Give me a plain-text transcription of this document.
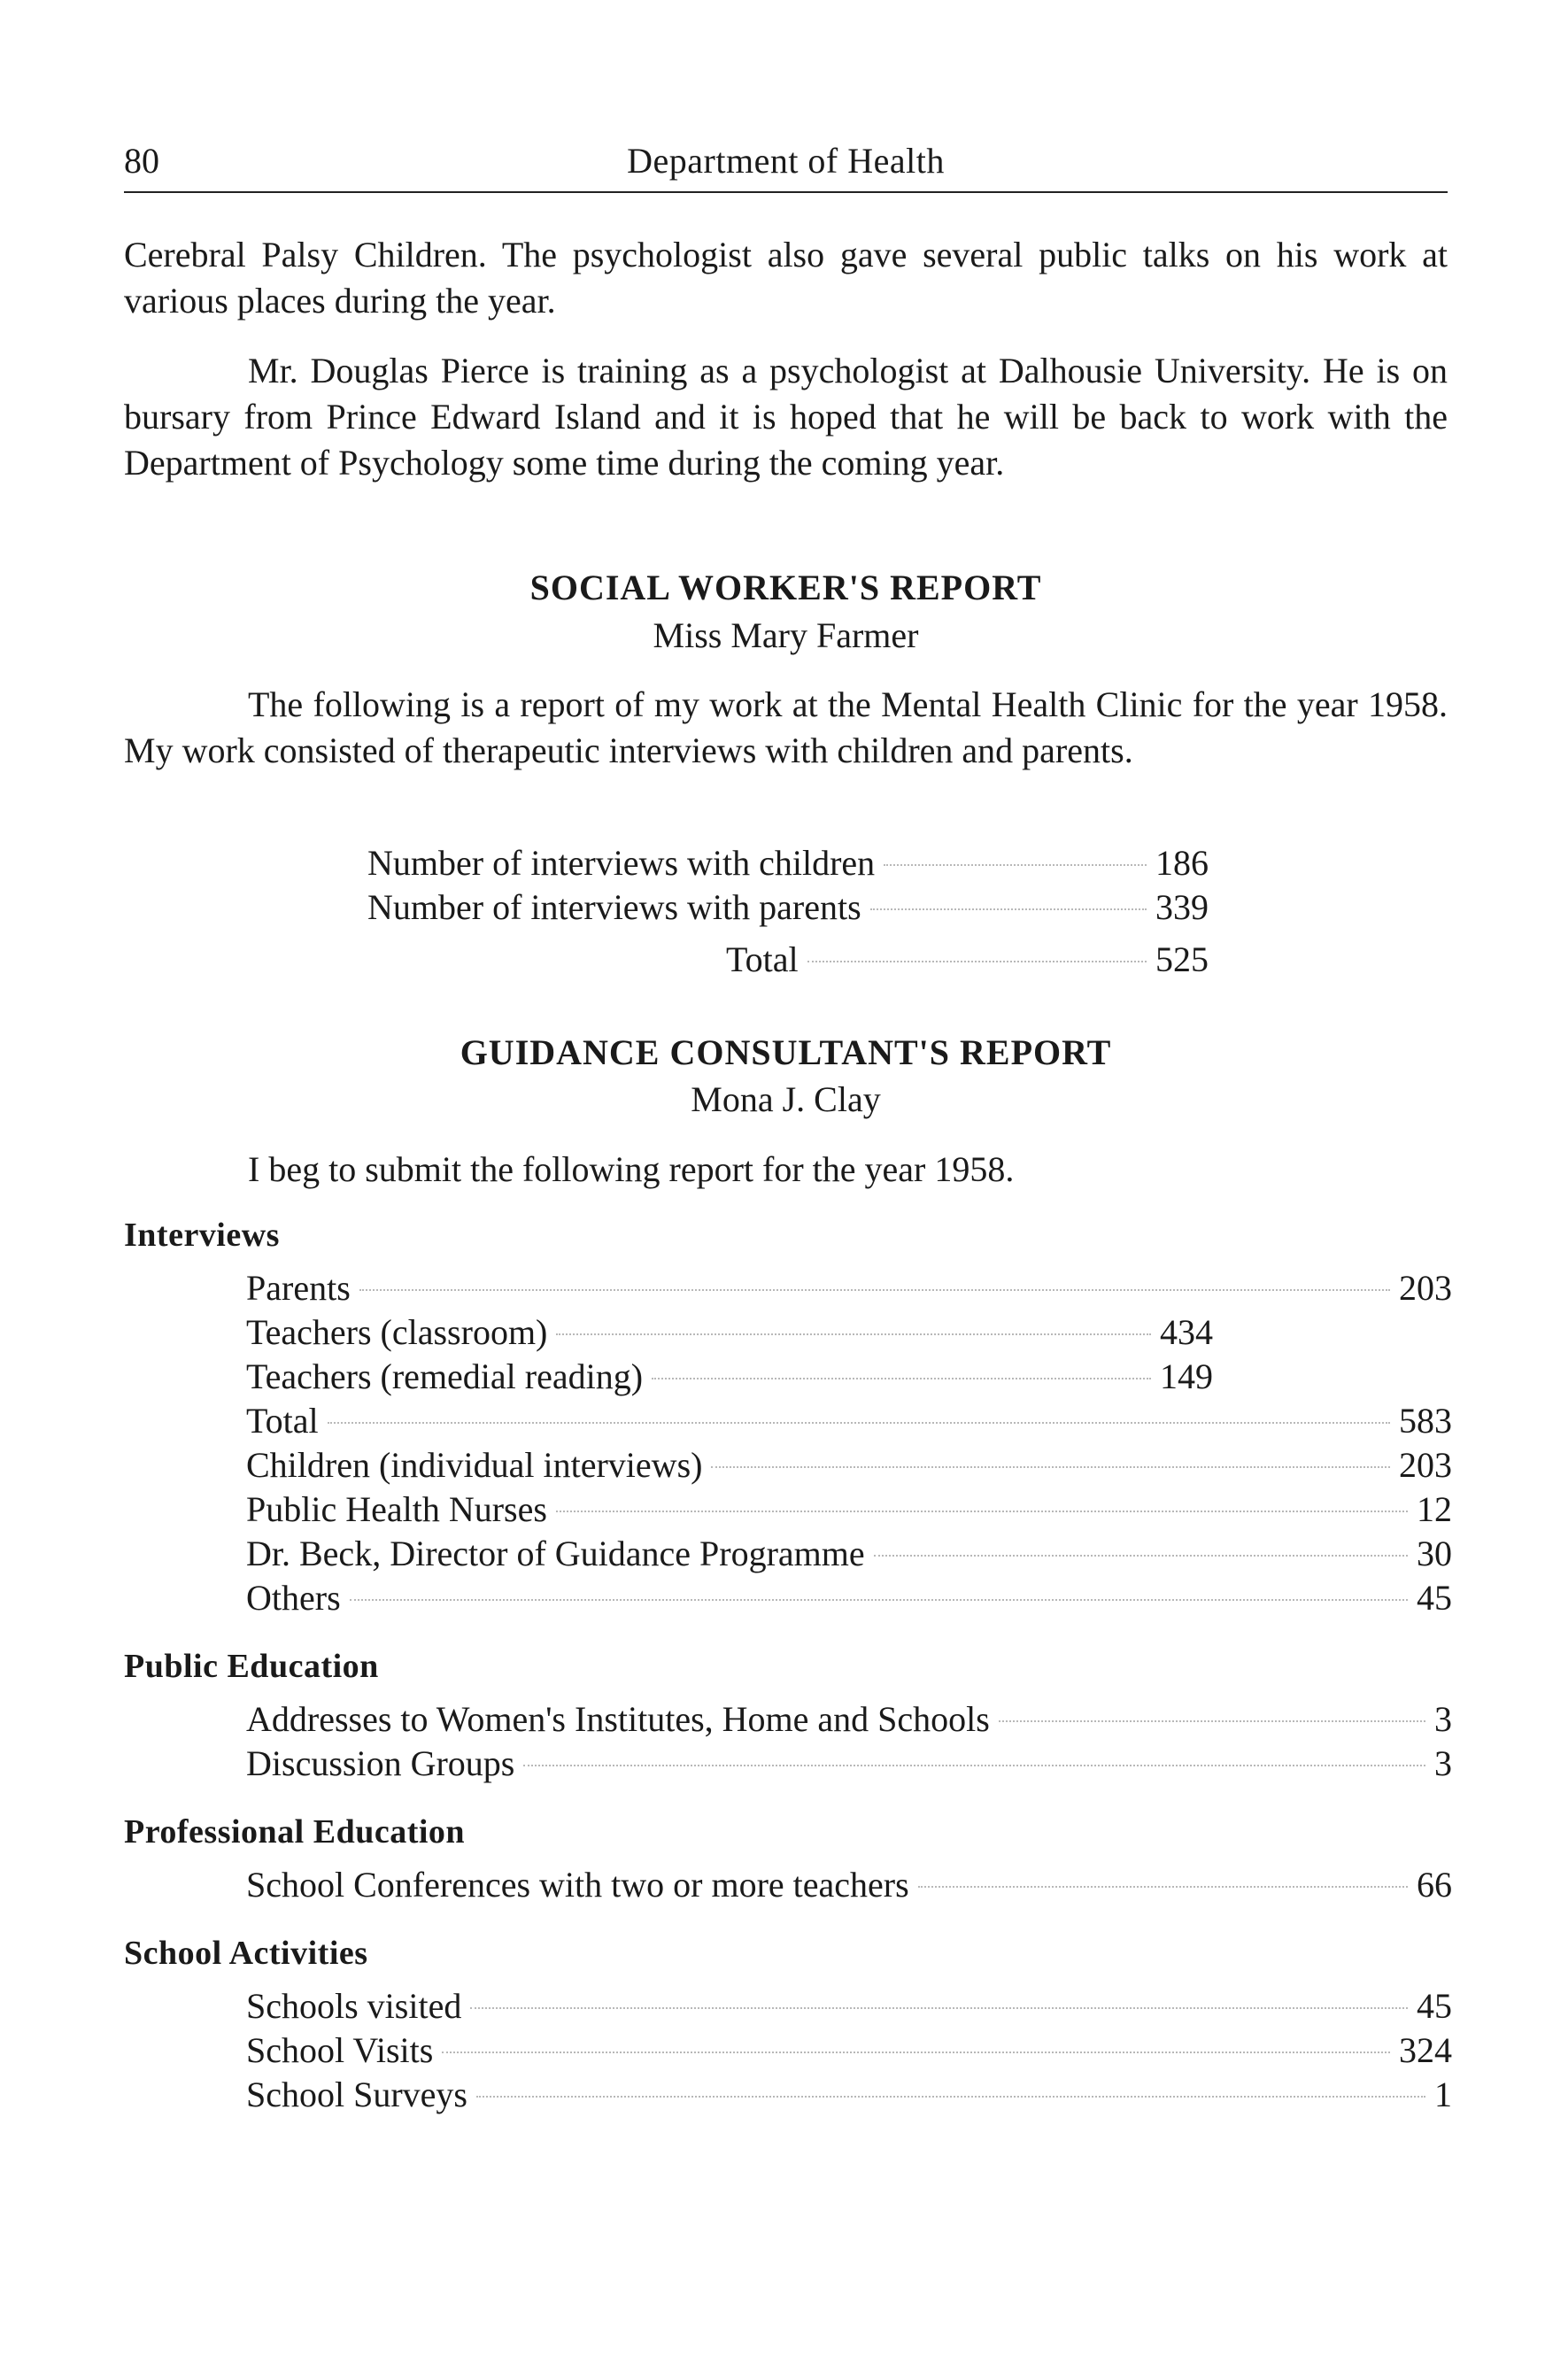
80	Department of Health

Cerebral Palsy Children. The psychologist also gave several public talks on his work at various places during the year.

Mr. Douglas Pierce is training as a psychologist at Dalhousie University. He is on bursary from Prince Edward Island and it is hoped that he will be back to work with the Department of Psychology some time during the coming year.

SOCIAL WORKER'S REPORT

Miss Mary Farmer

The following is a report of my work at the Mental Health Clinic for the year 1958. My work consisted of therapeutic interviews with children and parents.

Number of interviews with children	186
Number of interviews with parents	339
Total	525
GUIDANCE CONSULTANT'S REPORT

Mona J. Clay

I beg to submit the following report for the year 1958.

Interviews

Parents	203
Teachers (classroom)	434
Teachers (remedial reading)	149
Total	583
Children (individual interviews)	203
Public Health Nurses	12
Dr. Beck, Director of Guidance Programme	30
Others	45

Public Education

Addresses to Women's Institutes, Home and Schools	3
Discussion Groups	3

Professional Education

School Conferences with two or more teachers	66

School Activities

Schools visited	45
School Visits	324
School Surveys	1
